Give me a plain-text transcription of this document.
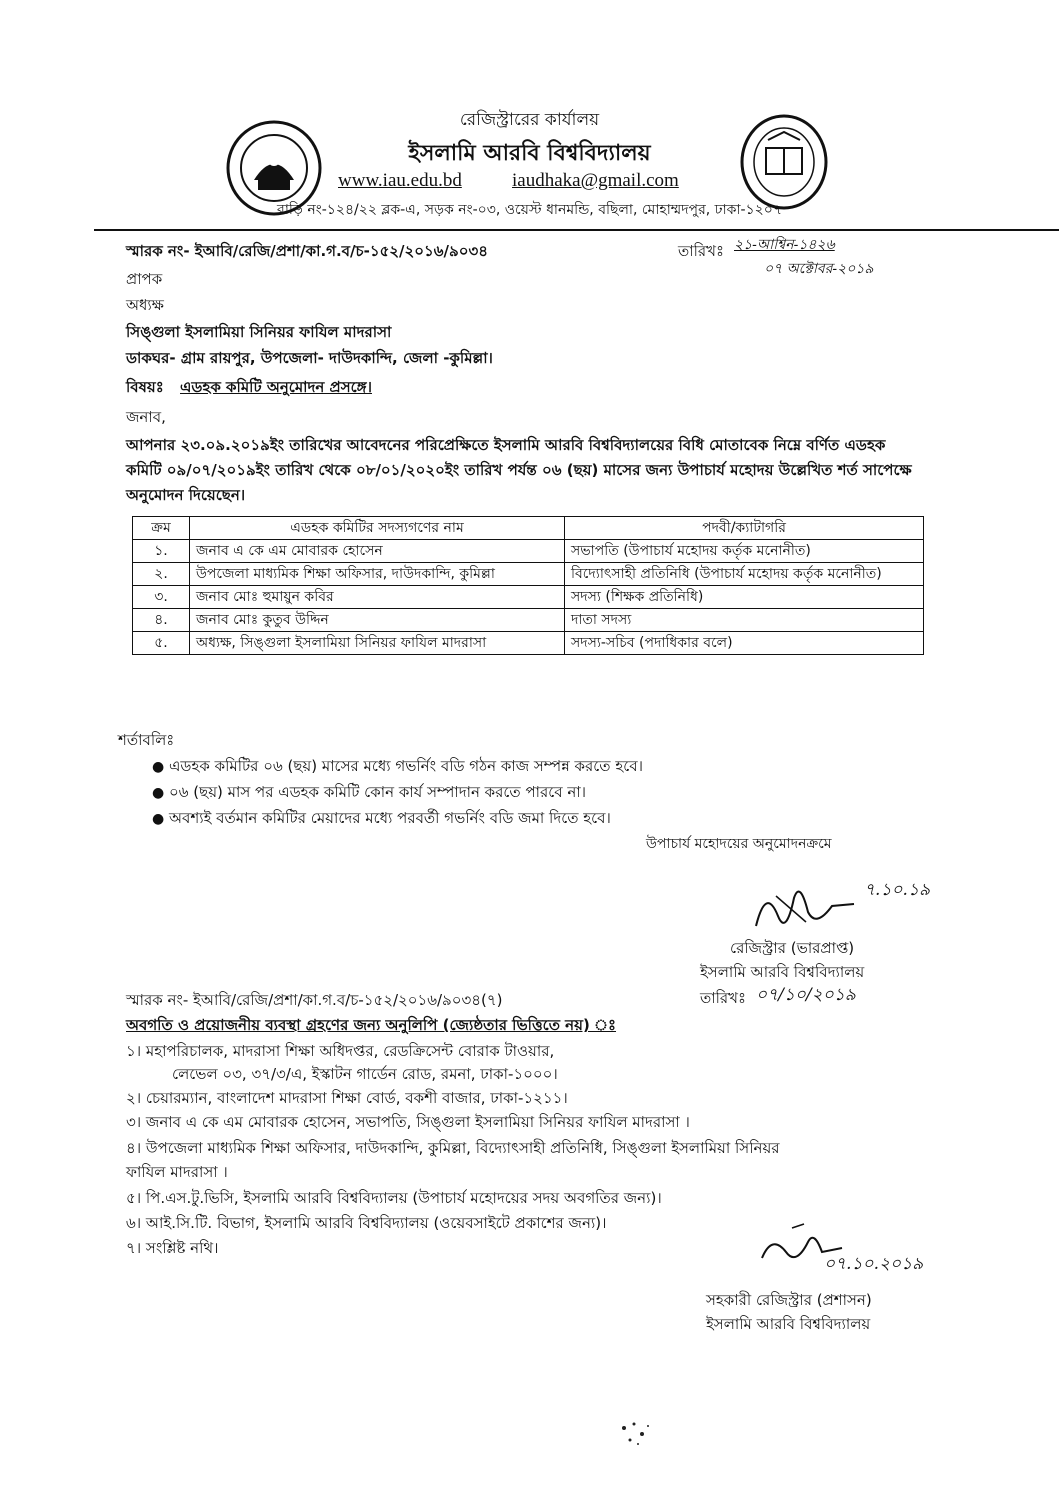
রেজিস্ট্রারের কার্যালয়
ইসলামি আরবি বিশ্ববিদ্যালয়
www.iau.edu.bd	iaudhaka@gmail.com
বাড়ি নং-১২৪/২২ ব্লক-এ, সড়ক নং-০৩, ওয়েস্ট ধানমন্ডি, বছিলা, মোহাম্মদপুর, ঢাকা-১২০৭
স্মারক নং- ইআবি/রেজি/প্রশা/কা.গ.ব/চ-১৫২/২০১৬/৯০৩৪	তারিখঃ ২১-আশ্বিন-১৪২৬
০৭ অক্টোবর-২০১৯
প্রাপক
অধ্যক্ষ
সিঙ্গুলা ইসলামিয়া সিনিয়র ফাযিল মাদরাসা
ডাকঘর- গ্রাম রায়পুর, উপজেলা- দাউদকান্দি, জেলা -কুমিল্লা।
বিষয়ঃ এডহক কমিটি অনুমোদন প্রসঙ্গে।
জনাব,
আপনার ২৩.০৯.২০১৯ইং তারিখের আবেদনের পরিপ্রেক্ষিতে ইসলামি আরবি বিশ্ববিদ্যালয়ের বিধি মোতাবেক নিম্নে বর্ণিত এডহক কমিটি ০৯/০৭/২০১৯ইং তারিখ থেকে ০৮/০১/২০২০ইং তারিখ পর্যন্ত ০৬ (ছয়) মাসের জন্য উপাচার্য মহোদয় উল্লেখিত শর্ত সাপেক্ষে অনুমোদন দিয়েছেন।
ক্রম	এডহক কমিটির সদস্যগণের নাম	পদবী/ক্যাটাগরি
১.	জনাব এ কে এম মোবারক হোসেন	সভাপতি (উপাচার্য মহোদয় কর্তৃক মনোনীত)
২.	উপজেলা মাধ্যমিক শিক্ষা অফিসার, দাউদকান্দি, কুমিল্লা	বিদ্যোৎসাহী প্রতিনিধি (উপাচার্য মহোদয় কর্তৃক মনোনীত)
৩.	জনাব মোঃ হুমায়ুন কবির	সদস্য (শিক্ষক প্রতিনিধি)
৪.	জনাব মোঃ কুতুব উদ্দিন	দাতা সদস্য
৫.	অধ্যক্ষ, সিঙ্গুলা ইসলামিয়া সিনিয়র ফাযিল মাদরাসা	সদস্য-সচিব (পদাধিকার বলে)
শর্তাবলিঃ
● এডহক কমিটির ০৬ (ছয়) মাসের মধ্যে গভর্নিং বডি গঠন কাজ সম্পন্ন করতে হবে।
● ০৬ (ছয়) মাস পর এডহক কমিটি কোন কার্য সম্পাদান করতে পারবে না।
● অবশ্যই বর্তমান কমিটির মেয়াদের মধ্যে পরবর্তী গভর্নিং বডি জমা দিতে হবে।
উপাচার্য মহোদয়ের অনুমোদনক্রমে
৭.১০.১৯
রেজিস্ট্রার (ভারপ্রাপ্ত)
ইসলামি আরবি বিশ্ববিদ্যালয়
স্মারক নং- ইআবি/রেজি/প্রশা/কা.গ.ব/চ-১৫২/২০১৬/৯০৩৪(৭)	তারিখঃ ০৭/১০/২০১৯
অবগতি ও প্রয়োজনীয় ব্যবস্থা গ্রহণের জন্য অনুলিপি (জ্যেষ্ঠতার ভিত্তিতে নয়) ঃ
১। মহাপরিচালক, মাদরাসা শিক্ষা অধিদপ্তর, রেডক্রিসেন্ট বোরাক টাওয়ার,
লেভেল ০৩, ৩৭/৩/এ, ইস্কাটন গার্ডেন রোড, রমনা, ঢাকা-১০০০।
২। চেয়ারম্যান, বাংলাদেশ মাদরাসা শিক্ষা বোর্ড, বকশী বাজার, ঢাকা-১২১১।
৩। জনাব এ কে এম মোবারক হোসেন, সভাপতি, সিঙ্গুলা ইসলামিয়া সিনিয়র ফাযিল মাদরাসা ।
৪। উপজেলা মাধ্যমিক শিক্ষা অফিসার, দাউদকান্দি, কুমিল্লা, বিদ্যোৎসাহী প্রতিনিধি, সিঙ্গুলা ইসলামিয়া সিনিয়র
ফাযিল মাদরাসা ।
৫। পি.এস.টু.ভিসি, ইসলামি আরবি বিশ্ববিদ্যালয় (উপাচার্য মহোদয়ের সদয় অবগতির জন্য)।
৬। আই.সি.টি. বিভাগ, ইসলামি আরবি বিশ্ববিদ্যালয় (ওয়েবসাইটে প্রকাশের জন্য)।
৭। সংশ্লিষ্ট নথি।
০৭.১০.২০১৯
সহকারী রেজিস্ট্রার (প্রশাসন)
ইসলামি আরবি বিশ্ববিদ্যালয়
